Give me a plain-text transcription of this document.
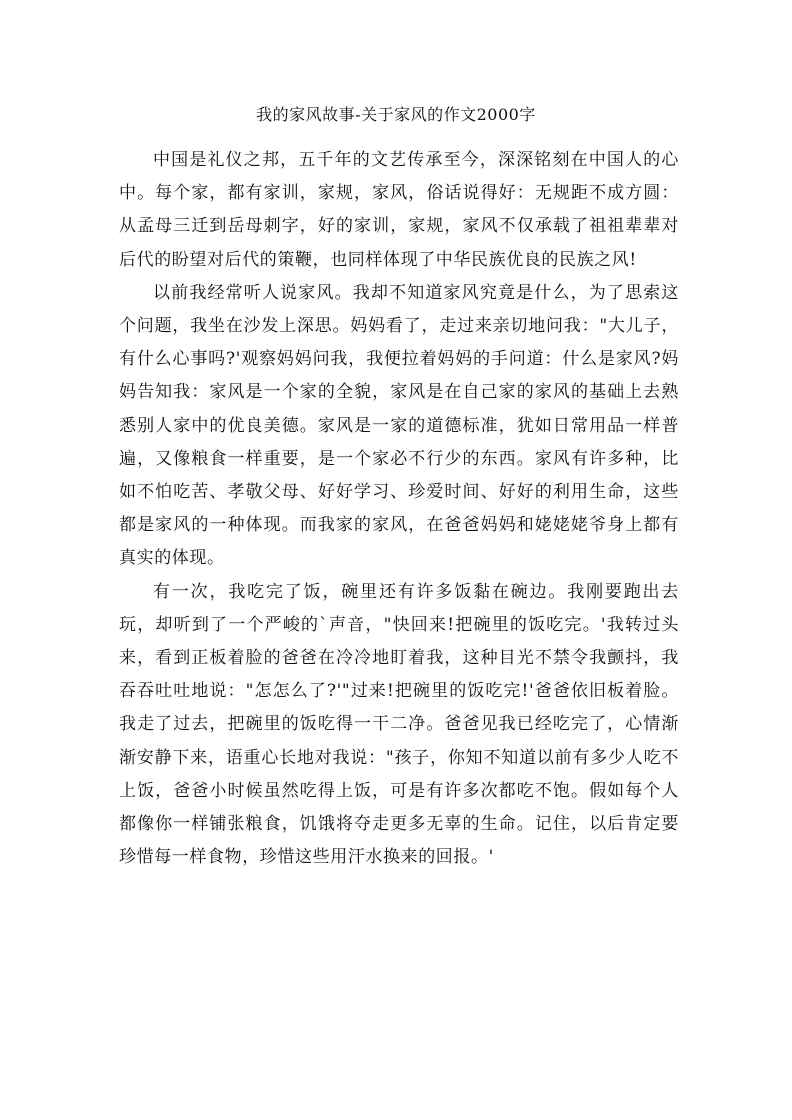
我的家风故事-关于家风的作文2000字

中国是礼仪之邦，五千年的文艺传承至今，深深铭刻在中国人的心中。每个家，都有家训，家规，家风，俗话说得好：无规距不成方圆：从孟母三迁到岳母刺字，好的家训，家规，家风不仅承载了祖祖辈辈对后代的盼望对后代的策鞭，也同样体现了中华民族优良的民族之风!

以前我经常听人说家风。我却不知道家风究竟是什么，为了思索这个问题，我坐在沙发上深思。妈妈看了，走过来亲切地问我："大儿子，有什么心事吗?'观察妈妈问我，我便拉着妈妈的手问道：什么是家风?妈妈告知我：家风是一个家的全貌，家风是在自己家的家风的基础上去熟悉别人家中的优良美德。家风是一家的道德标准，犹如日常用品一样普遍，又像粮食一样重要，是一个家必不行少的东西。家风有许多种，比如不怕吃苦、孝敬父母、好好学习、珍爱时间、好好的利用生命，这些都是家风的一种体现。而我家的家风，在爸爸妈妈和姥姥姥爷身上都有真实的体现。

有一次，我吃完了饭，碗里还有许多饭黏在碗边。我刚要跑出去玩，却听到了一个严峻的`声音，"快回来!把碗里的饭吃完。'我转过头来，看到正板着脸的爸爸在冷冷地盯着我，这种目光不禁令我颤抖，我吞吞吐吐地说："怎怎么了?'"过来!把碗里的饭吃完!'爸爸依旧板着脸。我走了过去，把碗里的饭吃得一干二净。爸爸见我已经吃完了，心情渐渐安静下来，语重心长地对我说："孩子，你知不知道以前有多少人吃不上饭，爸爸小时候虽然吃得上饭，可是有许多次都吃不饱。假如每个人都像你一样铺张粮食，饥饿将夺走更多无辜的生命。记住，以后肯定要珍惜每一样食物，珍惜这些用汗水换来的回报。'
